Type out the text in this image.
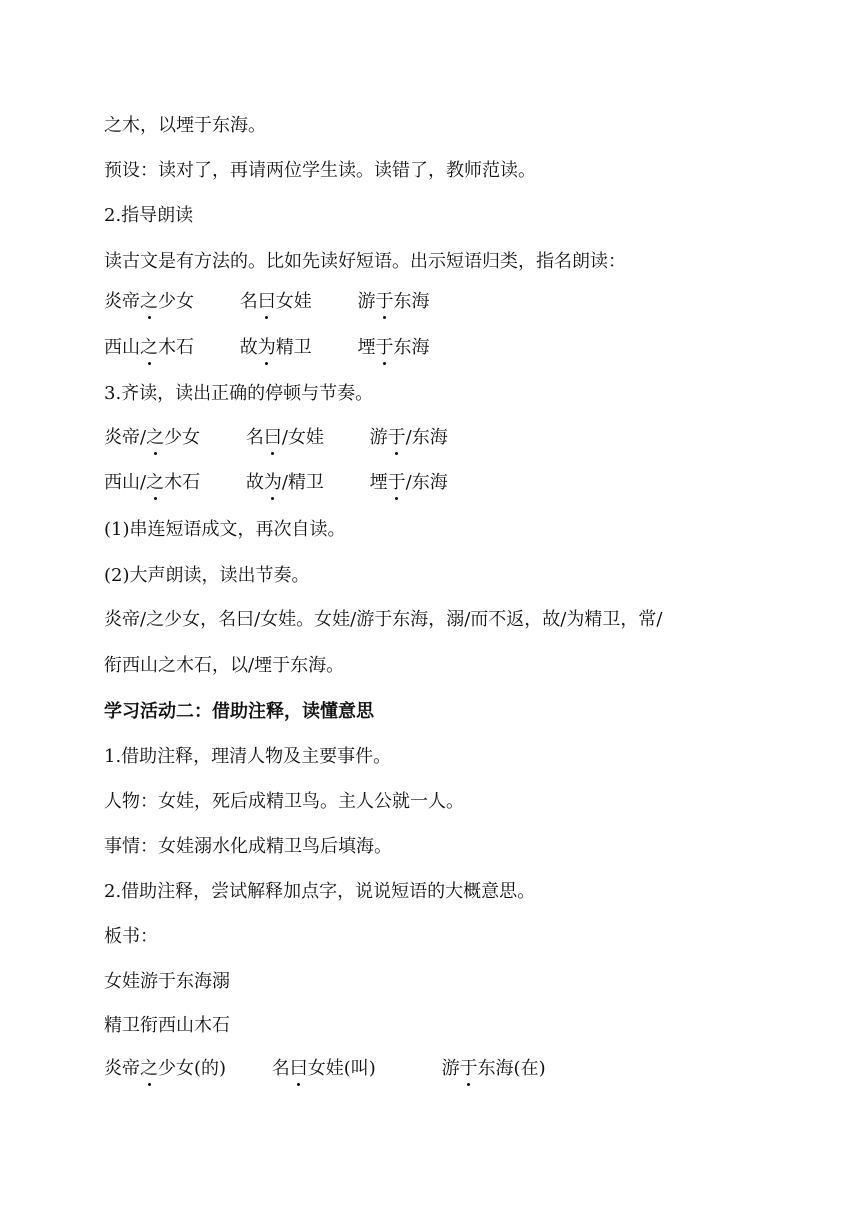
之木，以堙于东海。
预设：读对了，再请两位学生读。读错了，教师范读。
2.指导朗读
读古文是有方法的。比如先读好短语。出示短语归类，指名朗读：
炎帝之少女	名曰女娃	游于东海
西山之木石	故为精卫	堙于东海
3.齐读，读出正确的停顿与节奏。
炎帝/之少女	名曰/女娃	游于/东海
西山/之木石	故为/精卫	堙于/东海
(1)串连短语成文，再次自读。
(2)大声朗读，读出节奏。
炎帝/之少女，名曰/女娃。女娃/游于东海，溺/而不返，故/为精卫，常/
衔西山之木石，以/堙于东海。
学习活动二：借助注释，读懂意思
1.借助注释，理清人物及主要事件。
人物：女娃，死后成精卫鸟。主人公就一人。
事情：女娃溺水化成精卫鸟后填海。
2.借助注释，尝试解释加点字，说说短语的大概意思。
板书：
女娃游于东海溺
精卫衔西山木石
炎帝之少女(的)	名曰女娃(叫)	游于东海(在)
